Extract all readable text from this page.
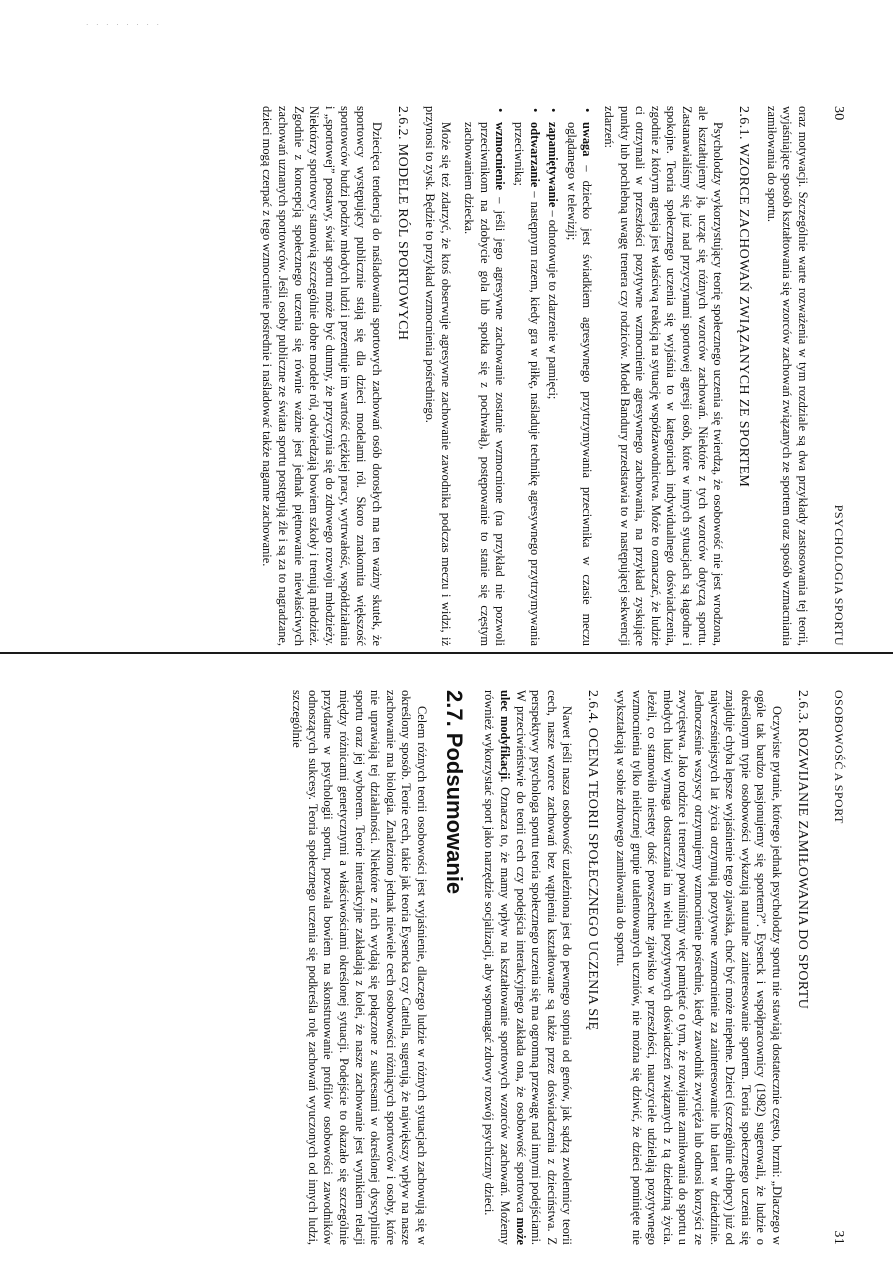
· · · · · · · ·
30
PSYCHOLOGIA SPORTU

oraz motywacji. Szczególnie warte rozważenia w tym rozdziale są dwa przykłady zastosowania tej teorii, wyjaśniające sposób kształtowania się wzorców zachowań związanych ze sportem oraz sposób wzmacniania zamiłowania do sportu.

2.6.1. WZORCE ZACHOWAŃ ZWIĄZANYCH ZE SPORTEM

Psycholodzy wykorzystujący teorię społecznego uczenia się twierdzą, że osobowość nie jest wrodzona, ale kształtujemy ją, ucząc się różnych wzorców zachowań. Niektóre z tych wzorców dotyczą sportu. Zastanawialiśmy się już nad przyczynami sportowej agresji osób, które w innych sytuacjach są łagodne i spokojne. Teoria społecznego uczenia się wyjaśnia to w kategoriach indywidualnego doświadczenia, zgodnie z którym agresja jest właściwą reakcją na sytuację współzawodnictwa. Może to oznaczać, że ludzie ci otrzymali w przeszłości pozytywne wzmocnienie agresywnego zachowania, na przykład zyskujące punkty lub pochlebną uwagę trenera czy rodziców. Model Bandury przedstawia to w następującej sekwencji zdarzeń:

• uwaga – dziecko jest świadkiem agresywnego przytrzymywania przeciwnika w czasie meczu oglądanego w telewizji;
• zapamiętywanie – odnotowuje to zdarzenie w pamięci;
• odtwarzanie – następnym razem, kiedy gra w piłkę, naśladuje technikę agresywnego przytrzymywania przeciwnika;
• wzmocnienie – jeśli jego agresywne zachowanie zostanie wzmocnione (na przykład nie pozwoli przeciwnikom na zdobycie gola lub spotka się z pochwałą), postępowanie to stanie się częstym zachowaniem dziecka.

Może się też zdarzyć, że ktoś obserwuje agresywne zachowanie zawodnika podczas meczu i widzi, iż przynosi to zysk. Będzie to przykład wzmocnienia pośredniego.

2.6.2. MODELE RÓL SPORTOWYCH

Dziecięca tendencja do naśladowania sportowych zachowań osób dorosłych ma ten ważny skutek, że sportowcy występujący publicznie stają się dla dzieci modelami ról. Skoro znakomita większość sportowców budzi podziw młodych ludzi i prezentuje im wartość ciężkiej pracy, wytrwałość, współdziałania i „sportowej” postawy, świat sportu może być dumny, że przyczynia się do zdrowego rozwoju młodzieży. Niektórzy sportowcy stanowią szczególnie dobre modele ról, odwiedzają bowiem szkoły i trenują młodzież. Zgodnie z koncepcją społecznego uczenia się równie ważne jest jednak piętnowanie niewłaściwych zachowań uznanych sportowców. Jeśli osoby publiczne ze świata sportu postępują źle i są za to nagradzane, dzieci mogą czerpać z tego wzmocnienie pośrednie i naśladować także naganne zachowanie.

OSOBOWOŚĆ A SPORT
31
2.6.3. ROZWIJANIE ZAMIŁOWANIA DO SPORTU

Oczywiste pytanie, którego jednak psycholodzy sportu nie stawiają dostatecznie często, brzmi: „Dlaczego w ogóle tak bardzo pasjonujemy się sportem?”. Eysenck i współpracownicy (1982) sugerowali, że ludzie o określonym typie osobowości wykazują naturalne zainteresowanie sportem. Teoria społecznego uczenia się znajduje chyba lepsze wyjaśnienie tego zjawiska, choć być może niepełne. Dzieci (szczególnie chłopcy) już od najwcześniejszych lat życia otrzymują pozytywne wzmocnienie za zainteresowanie lub talent w dziedzinie. Jednocześnie wszyscy otrzymujemy wzmocnienie pośrednie, kiedy zawodnik zwycięża lub odnosi korzyści ze zwycięstwa. Jako rodzice i trenerzy powinniśmy więc pamiętać o tym, że rozwijanie zamiłowania do sportu u młodych ludzi wymaga dostarczania im wielu pozytywnych doświadczeń związanych z tą dziedziną życia. Jeżeli, co stanowiło niestety dość powszechne zjawisko w przeszłości, nauczyciele udzielają pozytywnego wzmocnienia tylko nielicznej grupie utalentowanych uczniów, nie można się dziwić, że dzieci pominięte nie wykształcają w sobie zdrowego zamiłowania do sportu.

2.6.4. OCENA TEORII SPOŁECZNEGO UCZENIA SIĘ

Nawet jeśli nasza osobowość uzależniona jest do pewnego stopnia od genów, jak sądzą zwolennicy teorii cech, nasze wzorce zachowań bez wątpienia kształtowane są także przez doświadczenia z dzieciństwa. Z perspektywy psychologa sportu teoria społecznego uczenia się ma ogromną przewagę nad innymi podejściami. W przeciwieństwie do teorii cech czy podejścia interakcyjnego zakłada ona, że osobowość sportowca może ulec modyfikacji. Oznacza to, że mamy wpływ na kształtowanie sportowych wzorców zachowań. Możemy również wykorzystać sport jako narzędzie socjalizacji, aby wspomagać zdrowy rozwój psychiczny dzieci.

2.7. Podsumowanie

Celem różnych teorii osobowości jest wyjaśnienie, dlaczego ludzie w różnych sytuacjach zachowują się w określony sposób. Teorie cech, takie jak teoria Eysencka czy Cattella, sugerują, że największy wpływ na nasze zachowanie ma biologia. Znaleziono jednak niewiele cech osobowości różniących sportowców i osoby, które nie uprawiają tej działalności. Niektóre z nich wydają się połączone z sukcesami w określonej dyscyplinie sportu oraz jej wyborem. Teorie interakcyjne zakładają z kolei, że nasze zachowanie jest wynikiem relacji między różnicami genetycznymi a właściwościami określonej sytuacji. Podejście to okazało się szczególnie przydatne w psychologii sportu, pozwala bowiem na skonstruowanie profilów osobowości zawodników odnoszących sukcesy. Teoria społecznego uczenia się podkreśla rolę zachowań wyuczonych od innych ludzi, szczególnie
